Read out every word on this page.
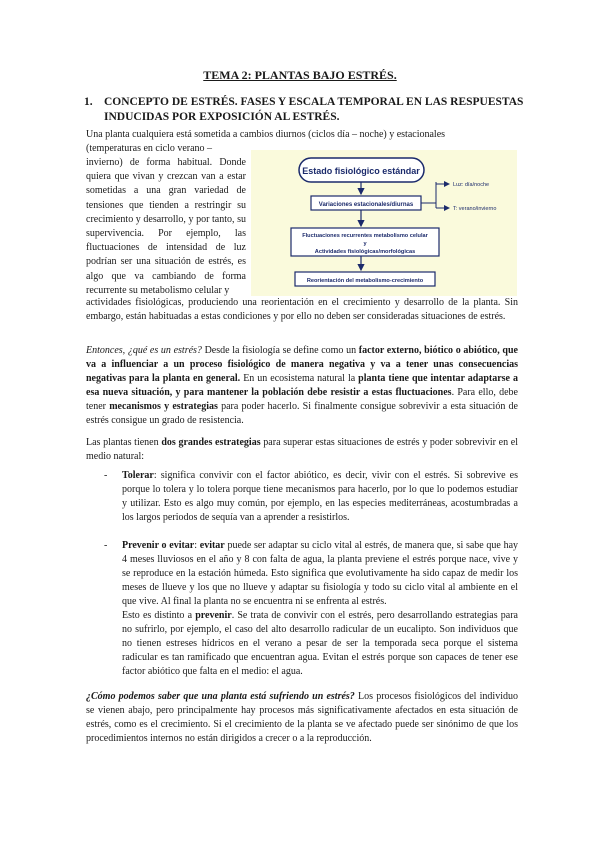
TEMA 2: PLANTAS BAJO ESTRÉS.
1. CONCEPTO DE ESTRÉS. FASES Y ESCALA TEMPORAL EN LAS RESPUESTAS INDUCIDAS POR EXPOSICIÓN AL ESTRÉS.
Una planta cualquiera está sometida a cambios diurnos (ciclos día – noche) y estacionales
(temperaturas en ciclo verano –
invierno) de forma habitual. Donde quiera que vivan y crezcan van a estar sometidas a una gran variedad de tensiones que tienden a restringir su crecimiento y desarrollo, y por tanto, su supervivencia. Por ejemplo, las fluctuaciones de intensidad de luz podrían ser una situación de estrés, es algo que va cambiando de forma recurrente su metabolismo celular y
Estado fisiológico estándar
Variaciones estacionales/diurnas
Luz: día/noche
T: verano/invierno
Fluctuaciones recurrentes metabolismo celular
y
Actividades fisiológicas/morfológicas
Reorientación del metabolismo-crecimiento
actividades fisiológicas, produciendo una reorientación en el crecimiento y desarrollo de la planta. Sin embargo, están habituadas a estas condiciones y por ello no deben ser consideradas situaciones de estrés.
Entonces, ¿qué es un estrés? Desde la fisiología se define como un factor externo, biótico o abiótico, que va a influenciar a un proceso fisiológico de manera negativa y va a tener unas consecuencias negativas para la planta en general. En un ecosistema natural la planta tiene que intentar adaptarse a esa nueva situación, y para mantener la población debe resistir a estas fluctuaciones. Para ello, debe tener mecanismos y estrategias para poder hacerlo. Si finalmente consigue sobrevivir a esta situación de estrés consigue un grado de resistencia.
Las plantas tienen dos grandes estrategias para superar estas situaciones de estrés y poder sobrevivir en el medio natural:
- Tolerar: significa convivir con el factor abiótico, es decir, vivir con el estrés. Si sobrevive es porque lo tolera y lo tolera porque tiene mecanismos para hacerlo, por lo que lo podemos estudiar y utilizar. Esto es algo muy común, por ejemplo, en las especies mediterráneas, acostumbradas a los largos periodos de sequía van a aprender a resistirlos.
- Prevenir o evitar: evitar puede ser adaptar su ciclo vital al estrés, de manera que, si sabe que hay 4 meses lluviosos en el año y 8 con falta de agua, la planta previene el estrés porque nace, vive y se reproduce en la estación húmeda. Esto significa que evolutivamente ha sido capaz de medir los meses de llueve y los que no llueve y adaptar su fisiología y todo su ciclo vital al ambiente en el que vive. Al final la planta no se encuentra ni se enfrenta al estrés.
Esto es distinto a prevenir. Se trata de convivir con el estrés, pero desarrollando estrategias para no sufrirlo, por ejemplo, el caso del alto desarrollo radicular de un eucalipto. Son individuos que no tienen estreses hídricos en el verano a pesar de ser la temporada seca porque el sistema radicular es tan ramificado que encuentran agua. Evitan el estrés porque son capaces de tener ese factor abiótico que falta en el medio: el agua.
¿Cómo podemos saber que una planta está sufriendo un estrés? Los procesos fisiológicos del individuo se vienen abajo, pero principalmente hay procesos más significativamente afectados en esta situación de estrés, como es el crecimiento. Si el crecimiento de la planta se ve afectado puede ser sinónimo de que los procedimientos internos no están dirigidos a crecer o a la reproducción.
